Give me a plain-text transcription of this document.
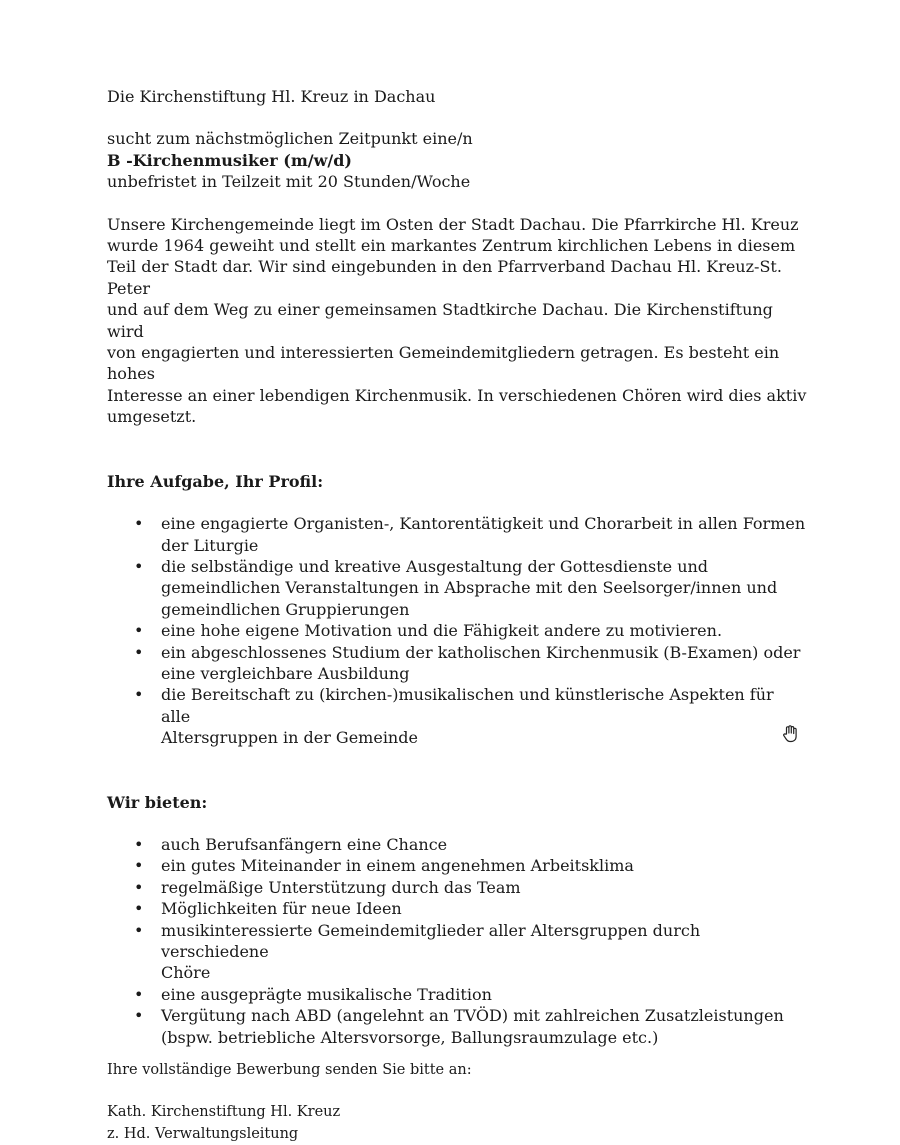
Die Kirchenstiftung Hl. Kreuz in Dachau

sucht zum nächstmöglichen Zeitpunkt eine/n

B -Kirchenmusiker (m/w/d)

unbefristet in Teilzeit mit 20 Stunden/Woche

Unsere Kirchengemeinde liegt im Osten der Stadt Dachau. Die Pfarrkirche Hl. Kreuz

wurde 1964 geweiht und stellt ein markantes Zentrum kirchlichen Lebens in diesem

Teil der Stadt dar. Wir sind eingebunden in den Pfarrverband Dachau Hl. Kreuz-St. Peter

und auf dem Weg zu einer gemeinsamen Stadtkirche Dachau. Die Kirchenstiftung wird

von engagierten und interessierten Gemeindemitgliedern getragen. Es besteht ein hohes

Interesse an einer lebendigen Kirchenmusik. In verschiedenen Chören wird dies aktiv

umgesetzt.

Ihre Aufgabe, Ihr Profil:

• eine engagierte Organisten-, Kantorentätigkeit und Chorarbeit in allen Formen
der Liturgie
• die selbständige und kreative Ausgestaltung der Gottesdienste und
gemeindlichen Veranstaltungen in Absprache mit den Seelsorger/innen und
gemeindlichen Gruppierungen
• eine hohe eigene Motivation und die Fähigkeit andere zu motivieren.
• ein abgeschlossenes Studium der katholischen Kirchenmusik (B-Examen) oder
eine vergleichbare Ausbildung
• die Bereitschaft zu (kirchen-)musikalischen und künstlerische Aspekten für alle
Altersgruppen in der Gemeinde

Wir bieten:

• auch Berufsanfängern eine Chance
• ein gutes Miteinander in einem angenehmen Arbeitsklima
• regelmäßige Unterstützung durch das Team
• Möglichkeiten für neue Ideen
• musikinteressierte Gemeindemitglieder aller Altersgruppen durch verschiedene
Chöre
• eine ausgeprägte musikalische Tradition
• Vergütung nach ABD (angelehnt an TVÖD) mit zahlreichen Zusatzleistungen
(bspw. betriebliche Altersvorsorge, Ballungsraumzulage etc.)

Ihre vollständige Bewerbung senden Sie bitte an:

Kath. Kirchenstiftung Hl. Kreuz

z. Hd. Verwaltungsleitung
